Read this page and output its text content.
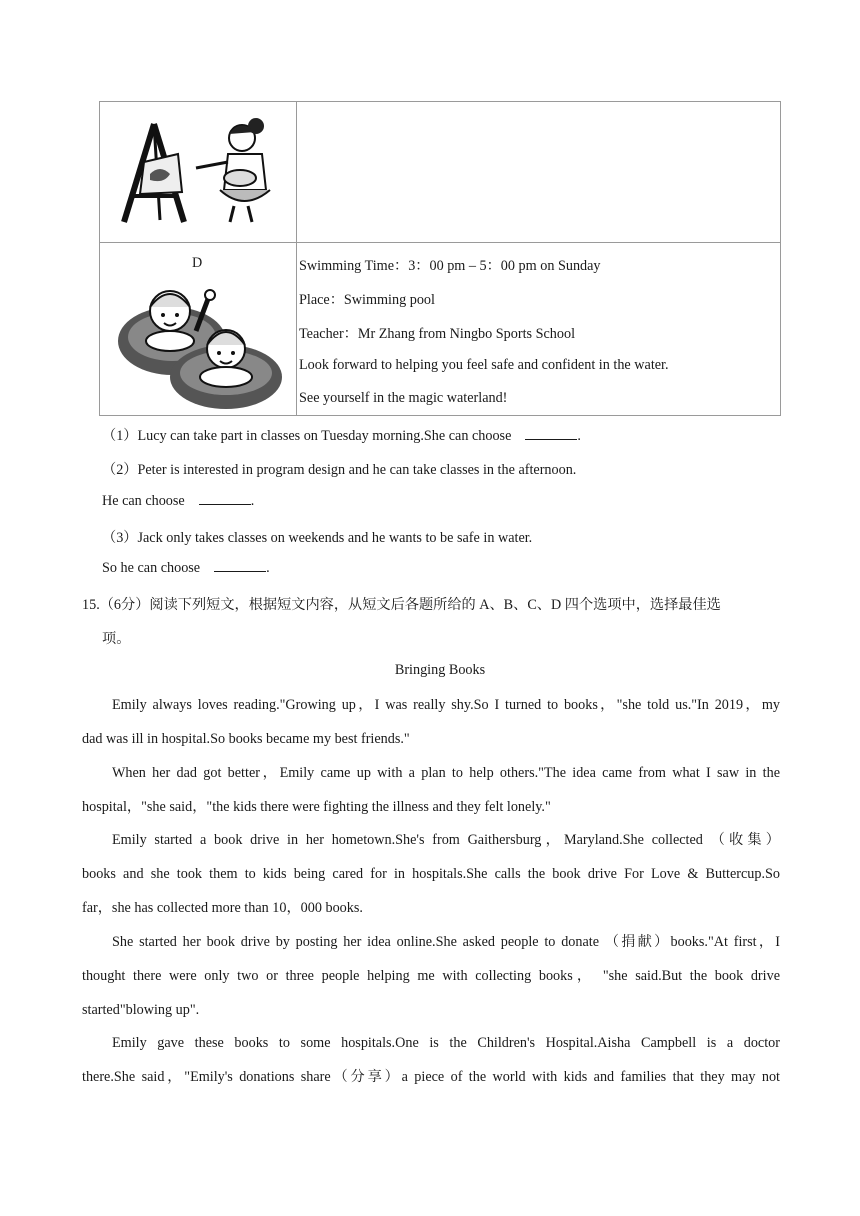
D	Swimming Time：3：00 pm – 5：00 pm on Sunday
Place：Swimming pool
Teacher：Mr Zhang from Ningbo Sports School
Look forward to helping you feel safe and confident in the water.
See yourself in the magic waterland!
（1）Lucy can take part in classes on Tuesday morning.She can choose	.
（2）Peter is interested in program design and he can take classes in the afternoon.
He can choose	.
（3）Jack only takes classes on weekends and he wants to be safe in water.
So he can choose	.
15.（6分）阅读下列短文，根据短文内容，从短文后各题所给的 A、B、C、D 四个选项中，选择最佳选
项。
Bringing Books
Emily always loves reading."Growing up，I was really shy.So I turned to books，"she told us."In 2019，my
dad was ill in hospital.So books became my best friends."
When her dad got better，Emily came up with a plan to help others."The idea came from what I saw in the
hospital，"she said，"the kids there were fighting the illness and they felt lonely."
Emily started a book drive in her hometown.She's from Gaithersburg，Maryland.She collected （收集）
books and she took them to kids being cared for in hospitals.She calls the book drive For Love & Buttercup.So
far，she has collected more than 10，000 books.
She started her book drive by posting her idea online.She asked people to donate （捐献）books."At first，I
thought there were only two or three people helping me with collecting books， "she said.But the book drive
started"blowing up".
Emily gave these books to some hospitals.One is the Children's Hospital.Aisha Campbell is a doctor
there.She said，"Emily's donations share（分享）a piece of the world with kids and families that they may not
